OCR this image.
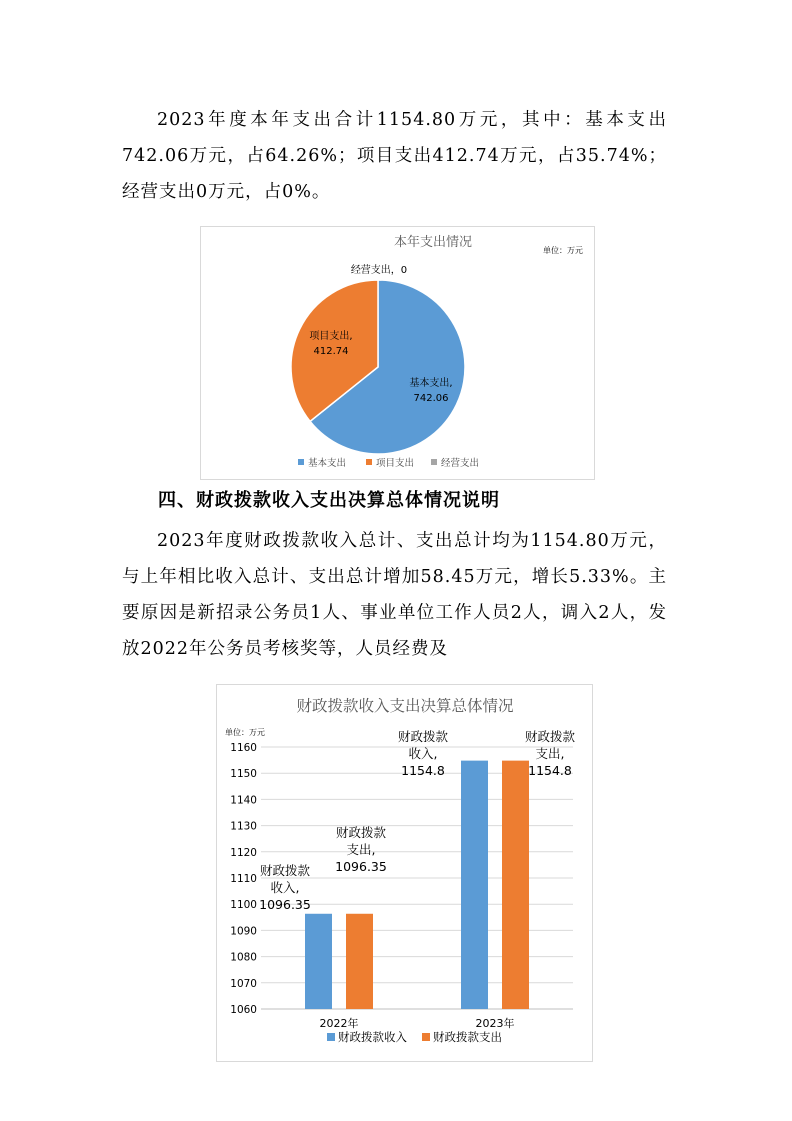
2023年度本年支出合计1154.80万元，其中：基本支出742.06万元，占64.26%；项目支出412.74万元，占35.74%；经营支出0万元，占0%。

本年支出情况
单位：万元
基本支出,
742.06
项目支出,
412.74
经营支出，0
基本支出	项目支出	经营支出
四、财政拨款收入支出决算总体情况说明

2023年度财政拨款收入总计、支出总计均为1154.80万元，与上年相比收入总计、支出总计增加58.45万元，增长5.33%。主要原因是新招录公务员1人、事业单位工作人员2人，调入2人，发放2022年公务员考核奖等，人员经费及

财政拨款收入支出决算总体情况
单位：万元
1060
1070
1080
1090
1100
1110
1120
1130
1140
1150
1160
2022年	2023年
财政拨款
收入,
1096.35
财政拨款
支出,
1096.35
财政拨款
收入,
1154.8
财政拨款
支出,
1154.8
财政拨款收入 财政拨款支出
